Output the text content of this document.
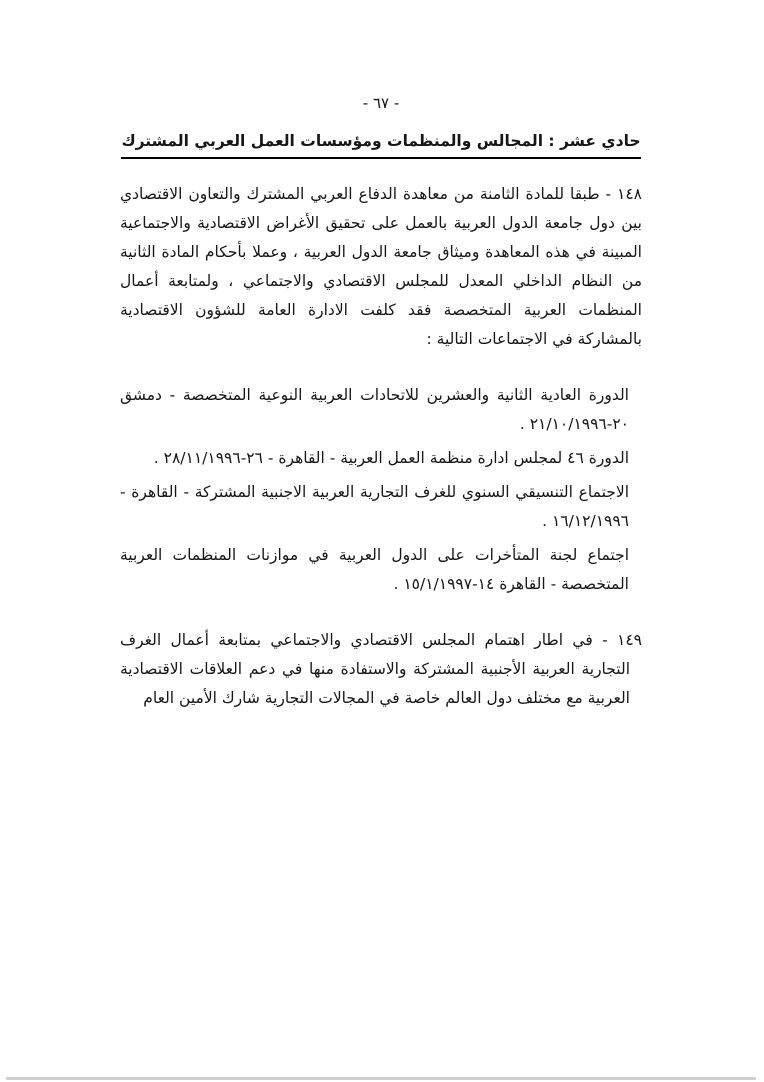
- ٦٧ -
حادي عشر : المجالس والمنظمات ومؤسسات العمل العربي المشترك

١٤٨ - طبقا للمادة الثامنة من معاهدة الدفاع العربي المشترك والتعاون الاقتصادي بين دول جامعة الدول العربية بالعمل على تحقيق الأغراض الاقتصادية والاجتماعية المبينة في هذه المعاهدة وميثاق جامعة الدول العربية ، وعملا بأحكام المادة الثانية من النظام الداخلي المعدل للمجلس الاقتصادي والاجتماعي ، ولمتابعة أعمال المنظمات العربية المتخصصة فقد كلفت الادارة العامة للشؤون الاقتصادية بالمشاركة في الاجتماعات التالية :

الدورة العادية الثانية والعشرين للاتحادات العربية النوعية المتخصصة - دمشق ٢٠-٢١/١٠/١٩٩٦ .

الدورة ٤٦ لمجلس ادارة منظمة العمل العربية - القاهرة - ٢٦-٢٨/١١/١٩٩٦ .

الاجتماع التنسيقي السنوي للغرف التجارية العربية الاجنبية المشتركة - القاهرة - ١٦/١٢/١٩٩٦ .

اجتماع لجنة المتأخرات على الدول العربية في موازنات المنظمات العربية المتخصصة - القاهرة ١٤-١٥/١/١٩٩٧ .

١٤٩ - في اطار اهتمام المجلس الاقتصادي والاجتماعي بمتابعة أعمال الغرف التجارية العربية الأجنبية المشتركة والاستفادة منها في دعم العلاقات الاقتصادية العربية مع مختلف دول العالم خاصة في المجالات التجارية شارك الأمين العام
